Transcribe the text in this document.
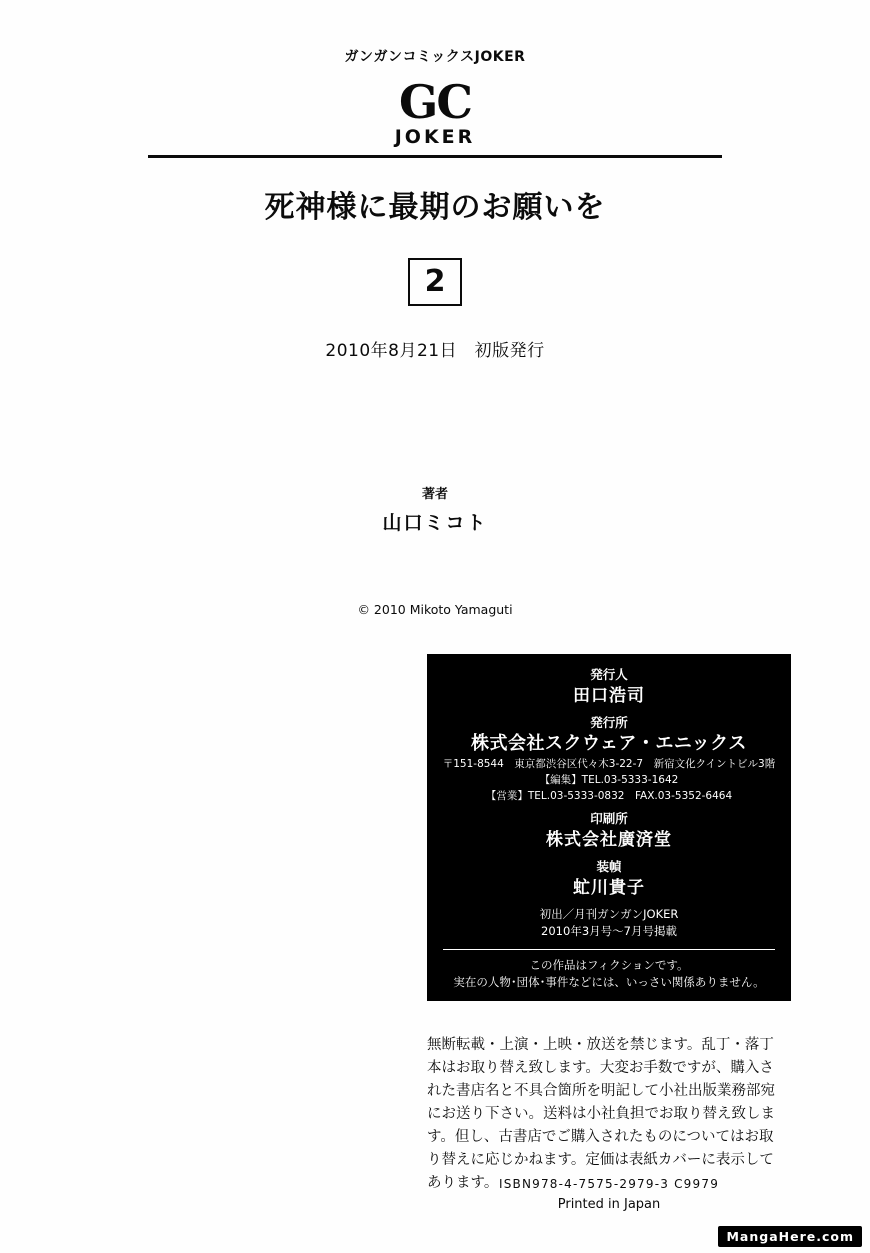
ガンガンコミックスJOKER
GC
JOKER
死神様に最期のお願いを
2
2010年8月21日　初版発行
著者
山口ミコト
© 2010 Mikoto Yamaguti
発行人
田口浩司
発行所
株式会社スクウェア・エニックス
〒151-8544　東京都渋谷区代々木3-22-7　新宿文化クイントビル3階
【編集】TEL.03-5333-1642
【営業】TEL.03-5333-0832　FAX.03-5352-6464
印刷所
株式会社廣済堂
装幀
虻川貴子
初出／月刊ガンガンJOKER
2010年3月号〜7月号掲載
この作品はフィクションです。
実在の人物･団体･事件などには、いっさい関係ありません。
無断転載・上演・上映・放送を禁じます。乱丁・落丁本はお取り替え致します。大変お手数ですが、購入された書店名と不具合箇所を明記して小社出版業務部宛にお送り下さい。送料は小社負担でお取り替え致します。但し、古書店でご購入されたものについてはお取り替えに応じかねます。定価は表紙カバーに表示してあります。 ISBN978-4-7575-2979-3 C9979
Printed in Japan
MangaHere.com
